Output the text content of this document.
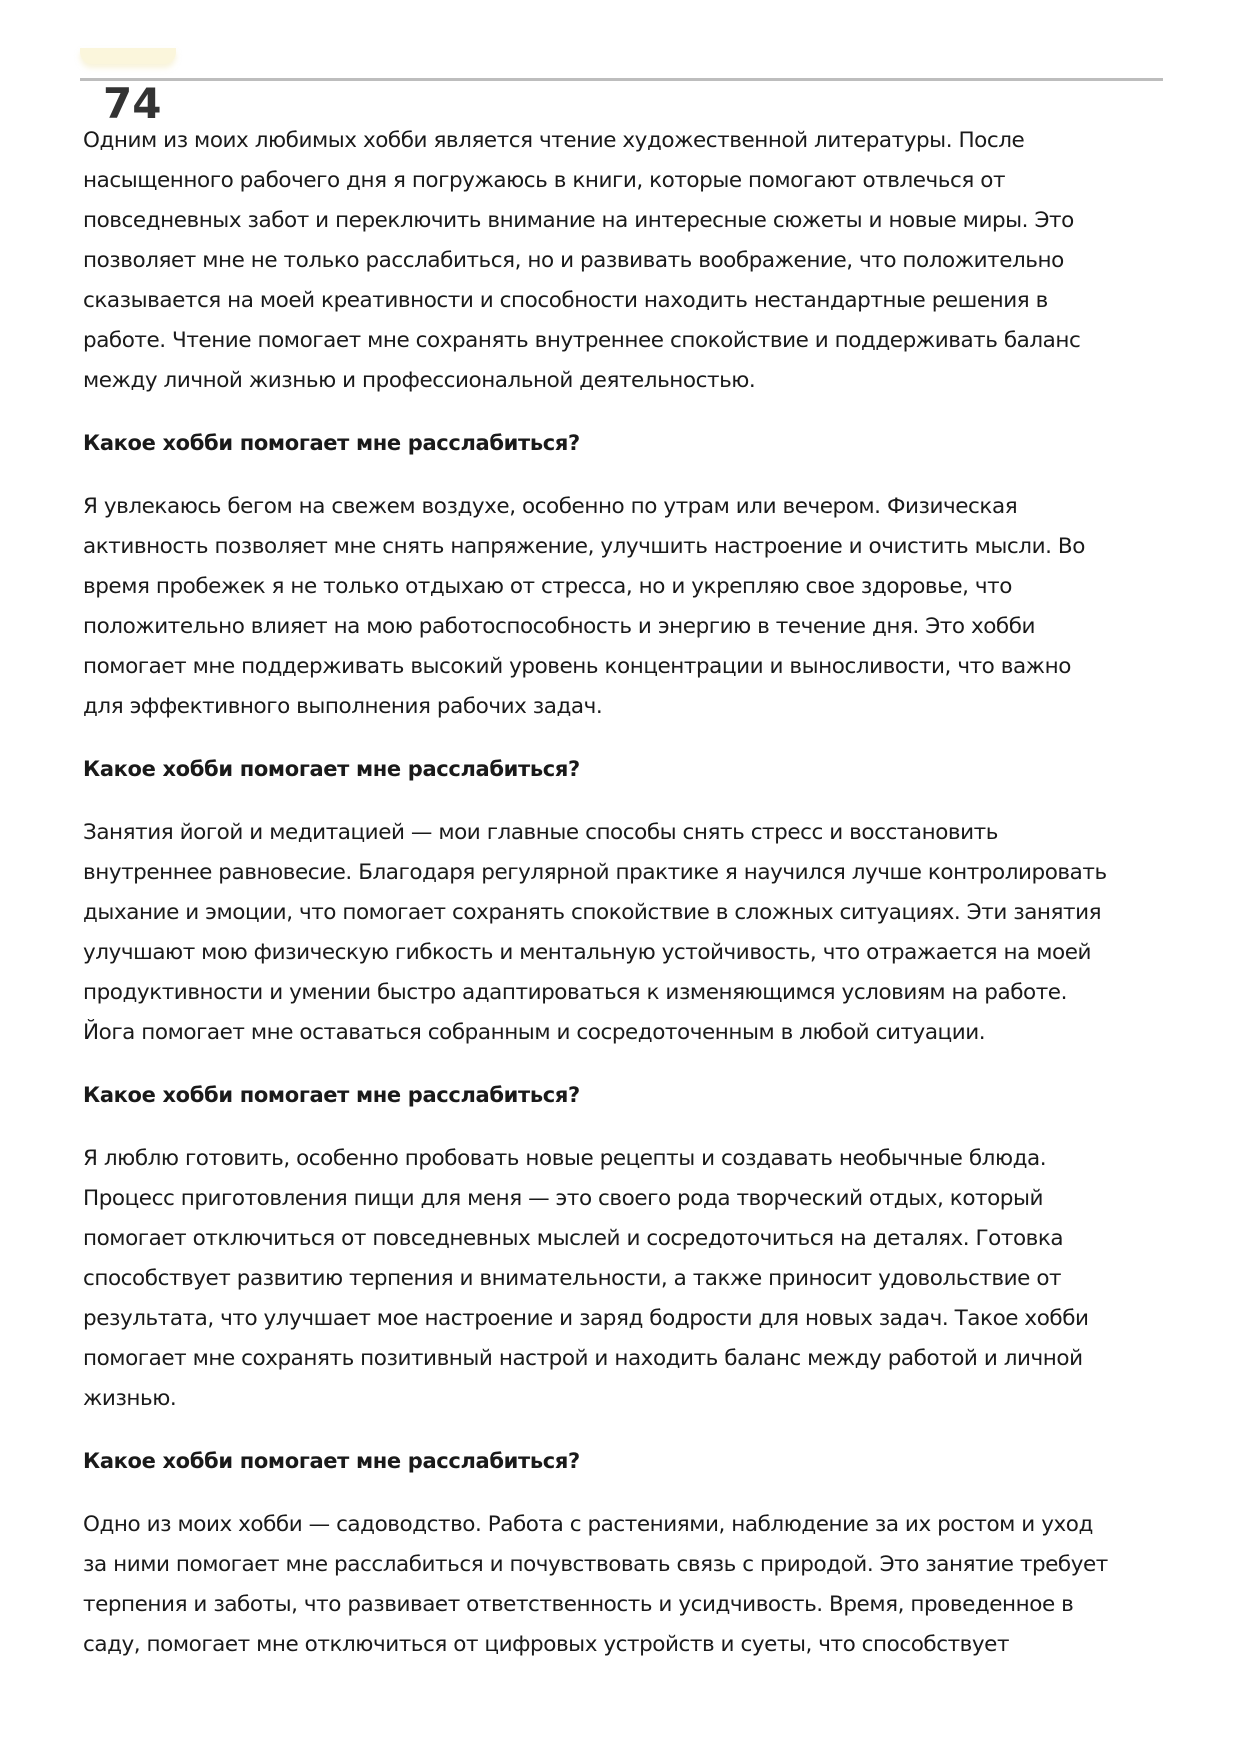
74
Одним из моих любимых хобби является чтение художественной литературы. После
насыщенного рабочего дня я погружаюсь в книги, которые помогают отвлечься от
повседневных забот и переключить внимание на интересные сюжеты и новые миры. Это
позволяет мне не только расслабиться, но и развивать воображение, что положительно
сказывается на моей креативности и способности находить нестандартные решения в
работе. Чтение помогает мне сохранять внутреннее спокойствие и поддерживать баланс
между личной жизнью и профессиональной деятельностью.
Какое хобби помогает мне расслабиться?
Я увлекаюсь бегом на свежем воздухе, особенно по утрам или вечером. Физическая
активность позволяет мне снять напряжение, улучшить настроение и очистить мысли. Во
время пробежек я не только отдыхаю от стресса, но и укрепляю свое здоровье, что
положительно влияет на мою работоспособность и энергию в течение дня. Это хобби
помогает мне поддерживать высокий уровень концентрации и выносливости, что важно
для эффективного выполнения рабочих задач.
Какое хобби помогает мне расслабиться?
Занятия йогой и медитацией — мои главные способы снять стресс и восстановить
внутреннее равновесие. Благодаря регулярной практике я научился лучше контролировать
дыхание и эмоции, что помогает сохранять спокойствие в сложных ситуациях. Эти занятия
улучшают мою физическую гибкость и ментальную устойчивость, что отражается на моей
продуктивности и умении быстро адаптироваться к изменяющимся условиям на работе.
Йога помогает мне оставаться собранным и сосредоточенным в любой ситуации.
Какое хобби помогает мне расслабиться?
Я люблю готовить, особенно пробовать новые рецепты и создавать необычные блюда.
Процесс приготовления пищи для меня — это своего рода творческий отдых, который
помогает отключиться от повседневных мыслей и сосредоточиться на деталях. Готовка
способствует развитию терпения и внимательности, а также приносит удовольствие от
результата, что улучшает мое настроение и заряд бодрости для новых задач. Такое хобби
помогает мне сохранять позитивный настрой и находить баланс между работой и личной
жизнью.
Какое хобби помогает мне расслабиться?
Одно из моих хобби — садоводство. Работа с растениями, наблюдение за их ростом и уход
за ними помогает мне расслабиться и почувствовать связь с природой. Это занятие требует
терпения и заботы, что развивает ответственность и усидчивость. Время, проведенное в
саду, помогает мне отключиться от цифровых устройств и суеты, что способствует
